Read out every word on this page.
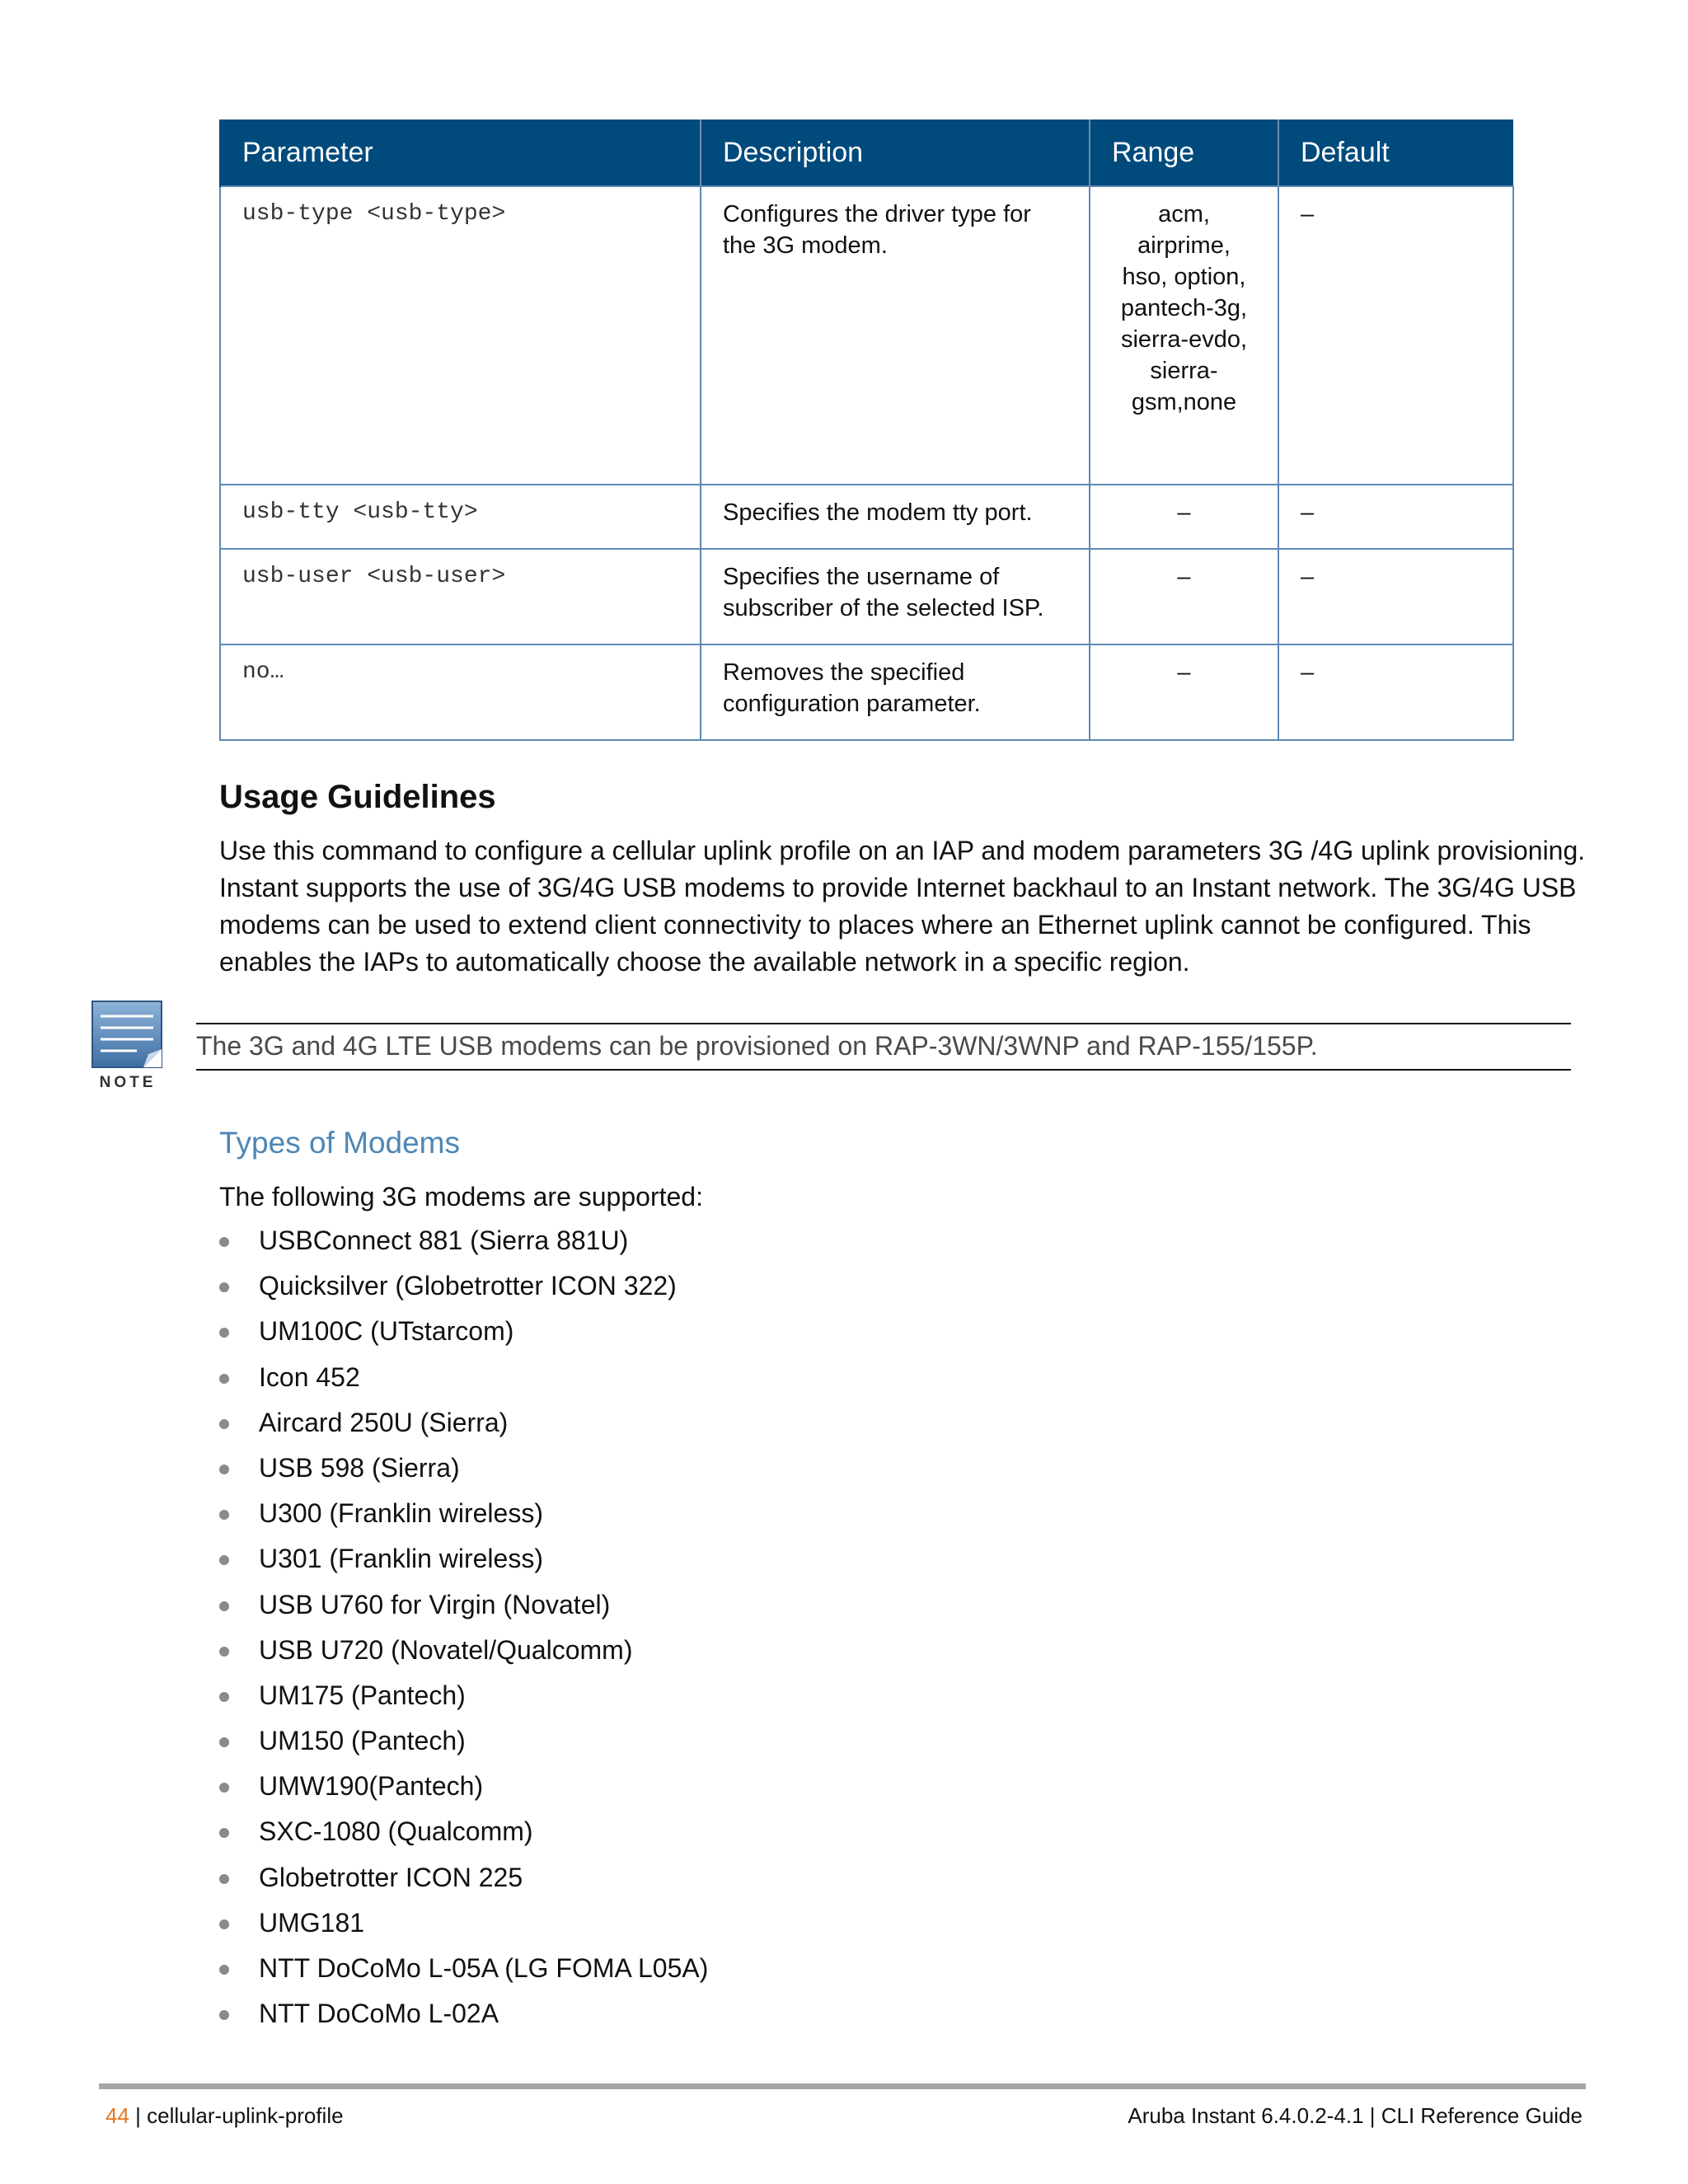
Parameter	Description	Range	Default
usb-type <usb-type>	Configures the driver type for the 3G modem.	acm, airprime, hso, option, pantech-3g, sierra-evdo, sierra-gsm,none	–
usb-tty <usb-tty>	Specifies the modem tty port.	–	–
usb-user <usb-user>	Specifies the username of subscriber of the selected ISP.	–	–
no…	Removes the specified configuration parameter.	–	–
Usage Guidelines
Use this command to configure a cellular uplink profile on an IAP and modem parameters 3G /4G uplink provisioning. Instant supports the use of 3G/4G USB modems to provide Internet backhaul to an Instant network. The 3G/4G USB modems can be used to extend client connectivity to places where an Ethernet uplink cannot be configured. This enables the IAPs to automatically choose the available network in a specific region.
NOTE
The 3G and 4G LTE USB modems can be provisioned on RAP-3WN/3WNP and RAP-155/155P.
Types of Modems
The following 3G modems are supported:
USBConnect 881 (Sierra 881U)
Quicksilver (Globetrotter ICON 322)
UM100C (UTstarcom)
Icon 452
Aircard 250U (Sierra)
USB 598 (Sierra)
U300 (Franklin wireless)
U301 (Franklin wireless)
USB U760 for Virgin (Novatel)
USB U720 (Novatel/Qualcomm)
UM175 (Pantech)
UM150 (Pantech)
UMW190(Pantech)
SXC-1080 (Qualcomm)
Globetrotter ICON 225
UMG181
NTT DoCoMo L-05A (LG FOMA L05A)
NTT DoCoMo L-02A
44 | cellular-uplink-profile	Aruba Instant 6.4.0.2-4.1 | CLI Reference Guide
